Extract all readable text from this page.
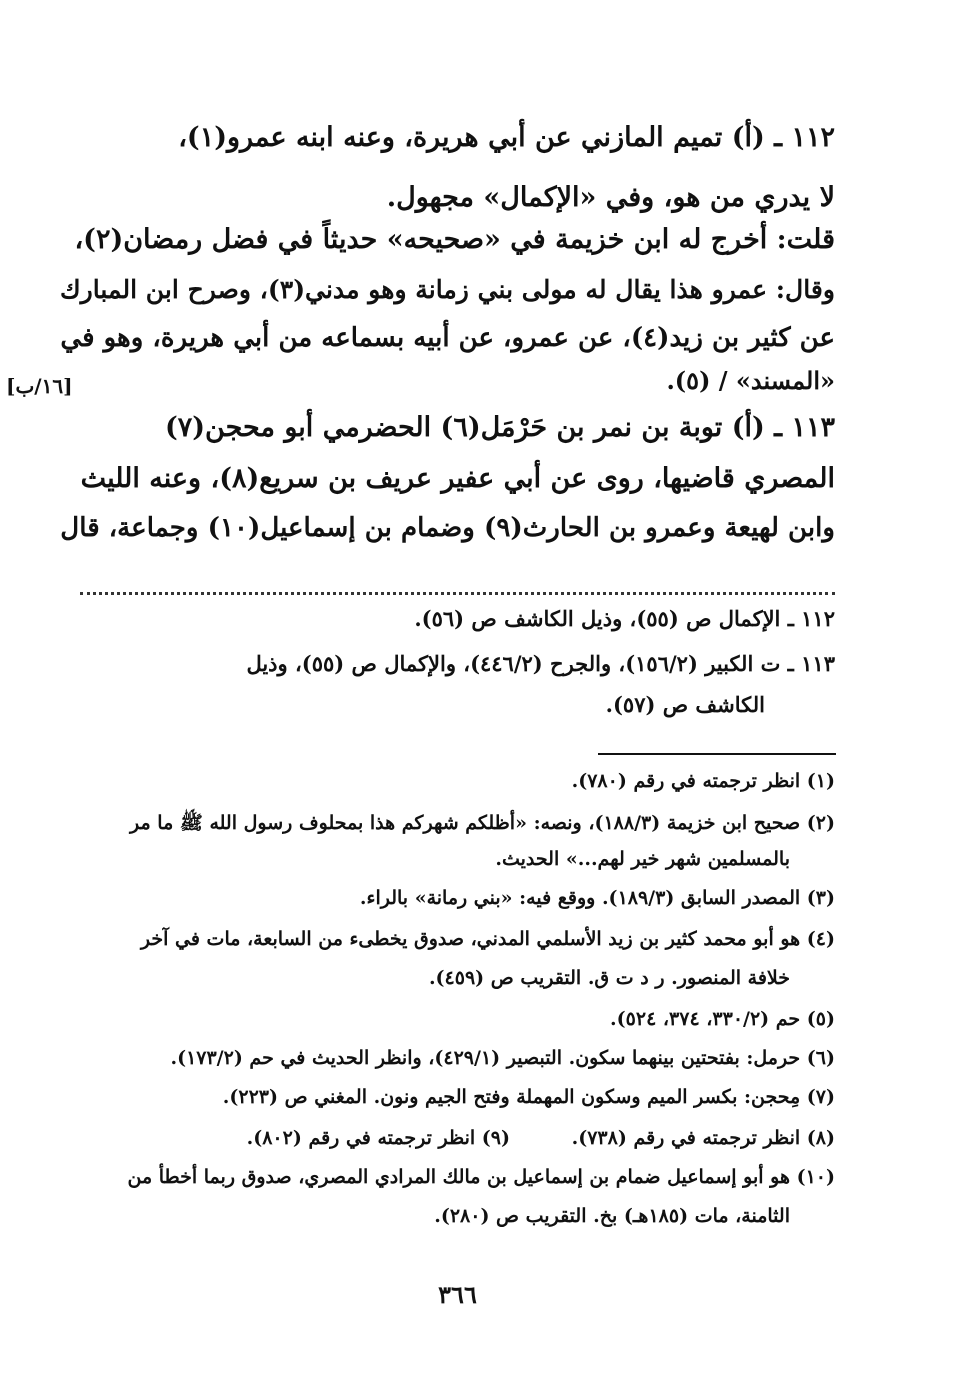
١١٢ ـ (أ) تميم المازني عن أبي هريرة، وعنه ابنه عمرو(١)،
لا يدري من هو، وفي «الإكمال» مجهول.
قلت: أخرج له ابن خزيمة في «صحيحه» حديثاً في فضل رمضان(٢)،
وقال: عمرو هذا يقال له مولى بني زمانة وهو مدني(٣)، وصرح ابن المبارك
عن كثير بن زيد(٤)، عن عمرو، عن أبيه بسماعه من أبي هريرة، وهو في
«المسند» / (٥).
١١٣ ـ (أ) توبة بن نمر بن حَرْمَل(٦) الحضرمي أبو محجن(٧)
المصري قاضيها، روى عن أبي عفير عريف بن سريع(٨)، وعنه الليث
وابن لهيعة وعمرو بن الحارث(٩) وضمام بن إسماعيل(١٠) وجماعة، قال
[١٦/ب]
١١٢ ـ الإكمال ص (٥٥)، وذيل الكاشف ص (٥٦).
١١٣ ـ ت الكبير (١٥٦/٢)، والجرح (٤٤٦/٢)، والإكمال ص (٥٥)، وذيل
الكاشف ص (٥٧).
(١) انظر ترجمته في رقم (٧٨٠).
(٢) صحيح ابن خزيمة (١٨٨/٣)، ونصه: «أظلكم شهركم هذا بمحلوف رسول الله ﷺ ما مر
بالمسلمين شهر خير لهم...» الحديث.
(٣) المصدر السابق (١٨٩/٣). ووقع فيه: «بني رمانة» بالراء.
(٤) هو أبو محمد كثير بن زيد الأسلمي المدني، صدوق يخطىء من السابعة، مات في آخر
خلافة المنصور. ر د ت ق. التقريب ص (٤٥٩).
(٥) حم (٣٣٠/٢، ٣٧٤، ٥٢٤).
(٦) حرمل: بفتحتين بينهما سكون. التبصير (٤٢٩/١)، وانظر الحديث في حم (١٧٣/٢).
(٧) مِحجن: بكسر الميم وسكون المهملة وفتح الجيم ونون. المغني ص (٢٢٣).
(٨) انظر ترجمته في رقم (٧٣٨).
(٩) انظر ترجمته في رقم (٨٠٢).
(١٠) هو أبو إسماعيل ضمام بن إسماعيل بن مالك المرادي المصري، صدوق ربما أخطأ من
الثامنة، مات (١٨٥هـ) بخ. التقريب ص (٢٨٠).
٣٦٦
